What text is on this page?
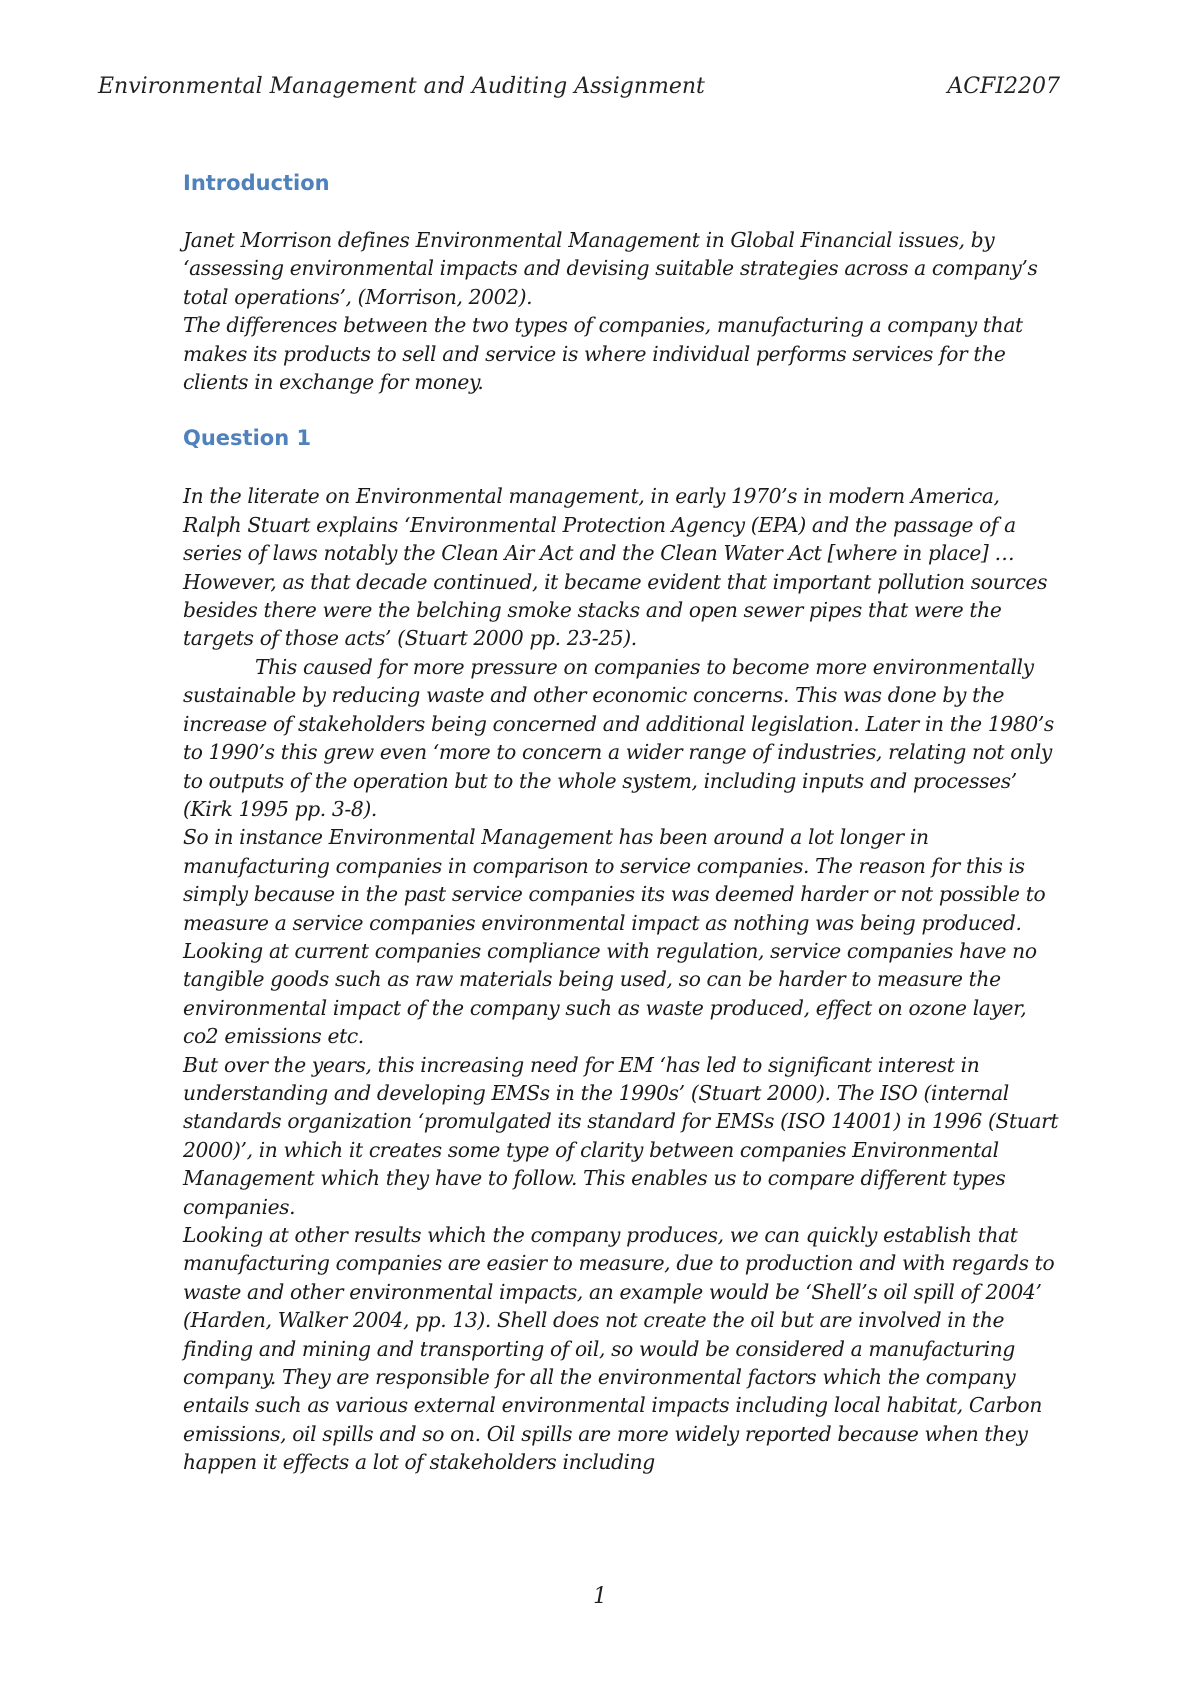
Environmental Management and Auditing Assignment	ACFI2207
Introduction

Janet Morrison defines Environmental Management in Global Financial issues, by ‘assessing environmental impacts and devising suitable strategies across a company’s total operations’, (Morrison, 2002).

The differences between the two types of companies, manufacturing a company that makes its products to sell and service is where individual performs services for the clients in exchange for money.

Question 1

In the literate on Environmental management, in early 1970’s in modern America, Ralph Stuart explains ‘Environmental Protection Agency (EPA) and the passage of a series of laws notably the Clean Air Act and the Clean Water Act [where in place] …However, as that decade continued, it became evident that important pollution sources besides there were the belching smoke stacks and open sewer pipes that were the targets of those acts’ (Stuart 2000 pp. 23-25).

This caused for more pressure on companies to become more environmentally sustainable by reducing waste and other economic concerns. This was done by the increase of stakeholders being concerned and additional legislation. Later in the 1980’s to 1990’s this grew even ‘more to concern a wider range of industries, relating not only to outputs of the operation but to the whole system, including inputs and processes’ (Kirk 1995 pp. 3-8).

So in instance Environmental Management has been around a lot longer in manufacturing companies in comparison to service companies. The reason for this is simply because in the past service companies its was deemed harder or not possible to measure a service companies environmental impact as nothing was being produced.

Looking at current companies compliance with regulation, service companies have no tangible goods such as raw materials being used, so can be harder to measure the environmental impact of the company such as waste produced, effect on ozone layer, co2 emissions etc.

But over the years, this increasing need for EM ‘has led to significant interest in understanding and developing EMSs in the 1990s’ (Stuart 2000). The ISO (internal standards organization ‘promulgated its standard for EMSs (ISO 14001) in 1996 (Stuart 2000)’, in which it creates some type of clarity between companies Environmental Management which they have to follow. This enables us to compare different types companies.

Looking at other results which the company produces, we can quickly establish that manufacturing companies are easier to measure, due to production and with regards to waste and other environmental impacts, an example would be ‘Shell’s oil spill of 2004’ (Harden, Walker 2004, pp. 13). Shell does not create the oil but are involved in the finding and mining and transporting of oil, so would be considered a manufacturing company. They are responsible for all the environmental factors which the company entails such as various external environmental impacts including local habitat, Carbon emissions, oil spills and so on. Oil spills are more widely reported because when they happen it effects a lot of stakeholders including

1
